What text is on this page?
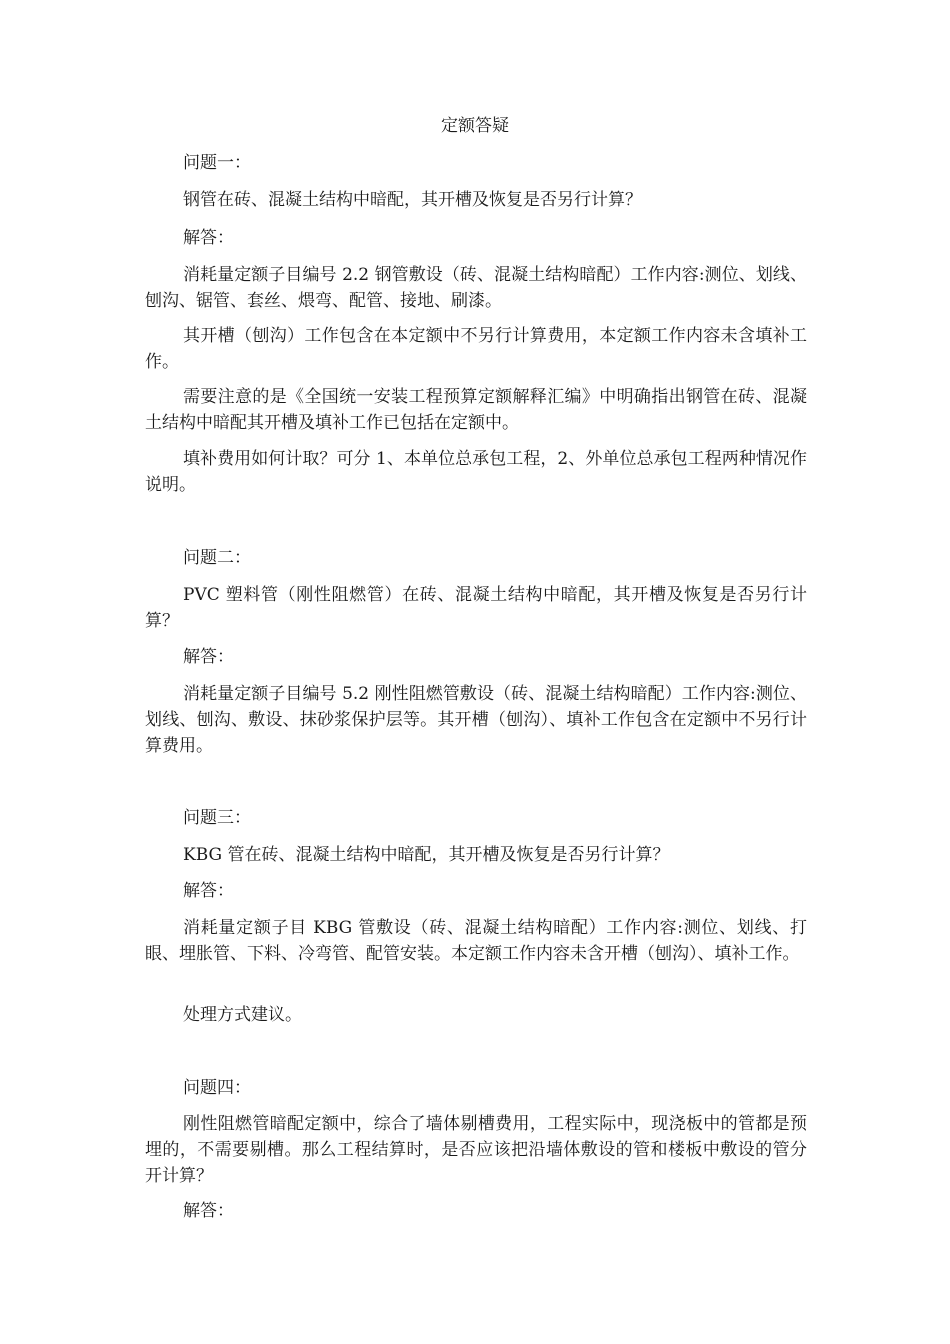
定额答疑
问题一：
钢管在砖、混凝土结构中暗配，其开槽及恢复是否另行计算？
解答：
消耗量定额子目编号 2.2 钢管敷设（砖、混凝土结构暗配）工作内容:测位、划线、刨沟、锯管、套丝、煨弯、配管、接地、刷漆。
其开槽（刨沟）工作包含在本定额中不另行计算费用，本定额工作内容未含填补工作。
需要注意的是《全国统一安装工程预算定额解释汇编》中明确指出钢管在砖、混凝土结构中暗配其开槽及填补工作已包括在定额中。
填补费用如何计取？可分 1、本单位总承包工程，2、外单位总承包工程两种情况作说明。
问题二：
PVC 塑料管（刚性阻燃管）在砖、混凝土结构中暗配，其开槽及恢复是否另行计算？
解答：
消耗量定额子目编号 5.2 刚性阻燃管敷设（砖、混凝土结构暗配）工作内容:测位、划线、刨沟、敷设、抹砂浆保护层等。其开槽（刨沟）、填补工作包含在定额中不另行计算费用。
问题三：
KBG 管在砖、混凝土结构中暗配，其开槽及恢复是否另行计算？
解答：
消耗量定额子目 KBG 管敷设（砖、混凝土结构暗配）工作内容:测位、划线、打眼、埋胀管、下料、冷弯管、配管安装。本定额工作内容未含开槽（刨沟）、填补工作。
处理方式建议。
问题四：
刚性阻燃管暗配定额中，综合了墙体剔槽费用，工程实际中，现浇板中的管都是预埋的，不需要剔槽。那么工程结算时，是否应该把沿墙体敷设的管和楼板中敷设的管分开计算？
解答：
